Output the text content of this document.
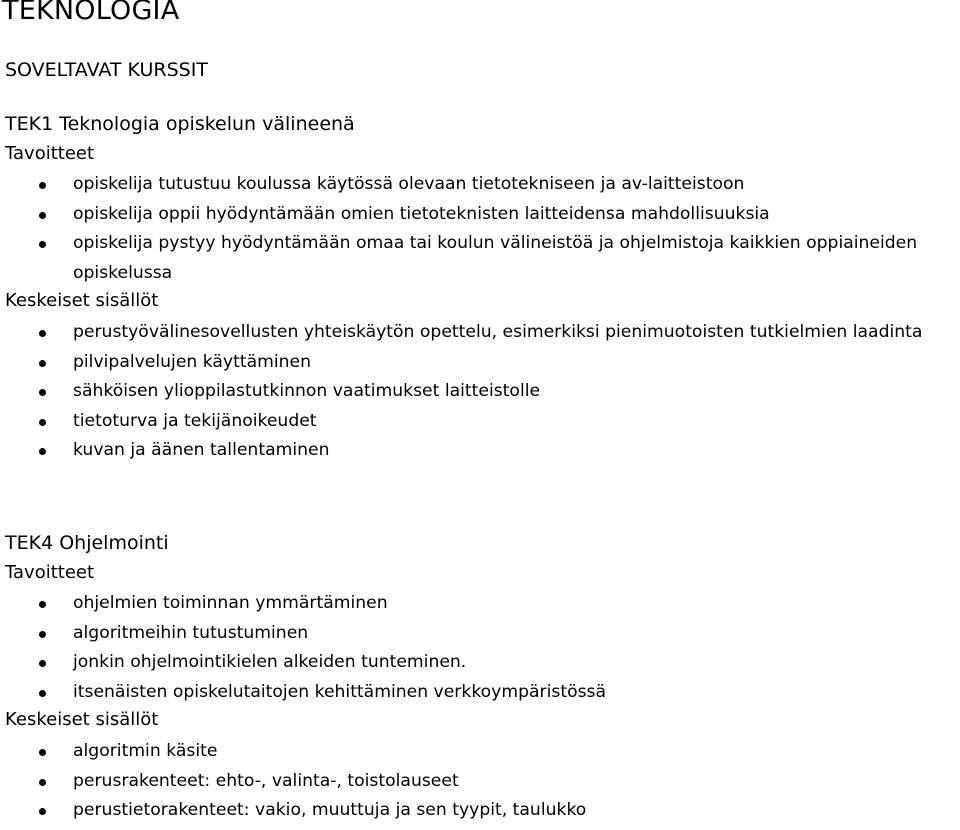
TEKNOLOGIA
SOVELTAVAT KURSSIT
TEK1 Teknologia opiskelun välineenä
Tavoitteet
opiskelija tutustuu koulussa käytössä olevaan tietotekniseen ja av-laitteistoon
opiskelija oppii hyödyntämään omien tietoteknisten laitteidensa mahdollisuuksia
opiskelija pystyy hyödyntämään omaa tai koulun välineistöä ja ohjelmistoja kaikkien oppiaineiden opiskelussa
Keskeiset sisällöt
perustyövälinesovellusten yhteiskäytön opettelu, esimerkiksi pienimuotoisten tutkielmien laadinta
pilvipalvelujen käyttäminen
sähköisen ylioppilastutkinnon vaatimukset laitteistolle
tietoturva ja tekijänoikeudet
kuvan ja äänen tallentaminen
TEK4 Ohjelmointi
Tavoitteet
ohjelmien toiminnan ymmärtäminen
algoritmeihin tutustuminen
jonkin ohjelmointikielen alkeiden tunteminen.
itsenäisten opiskelutaitojen kehittäminen verkkoympäristössä
Keskeiset sisällöt
algoritmin käsite
perusrakenteet: ehto-, valinta-, toistolauseet
perustietorakenteet: vakio, muuttuja ja sen tyypit, taulukko
